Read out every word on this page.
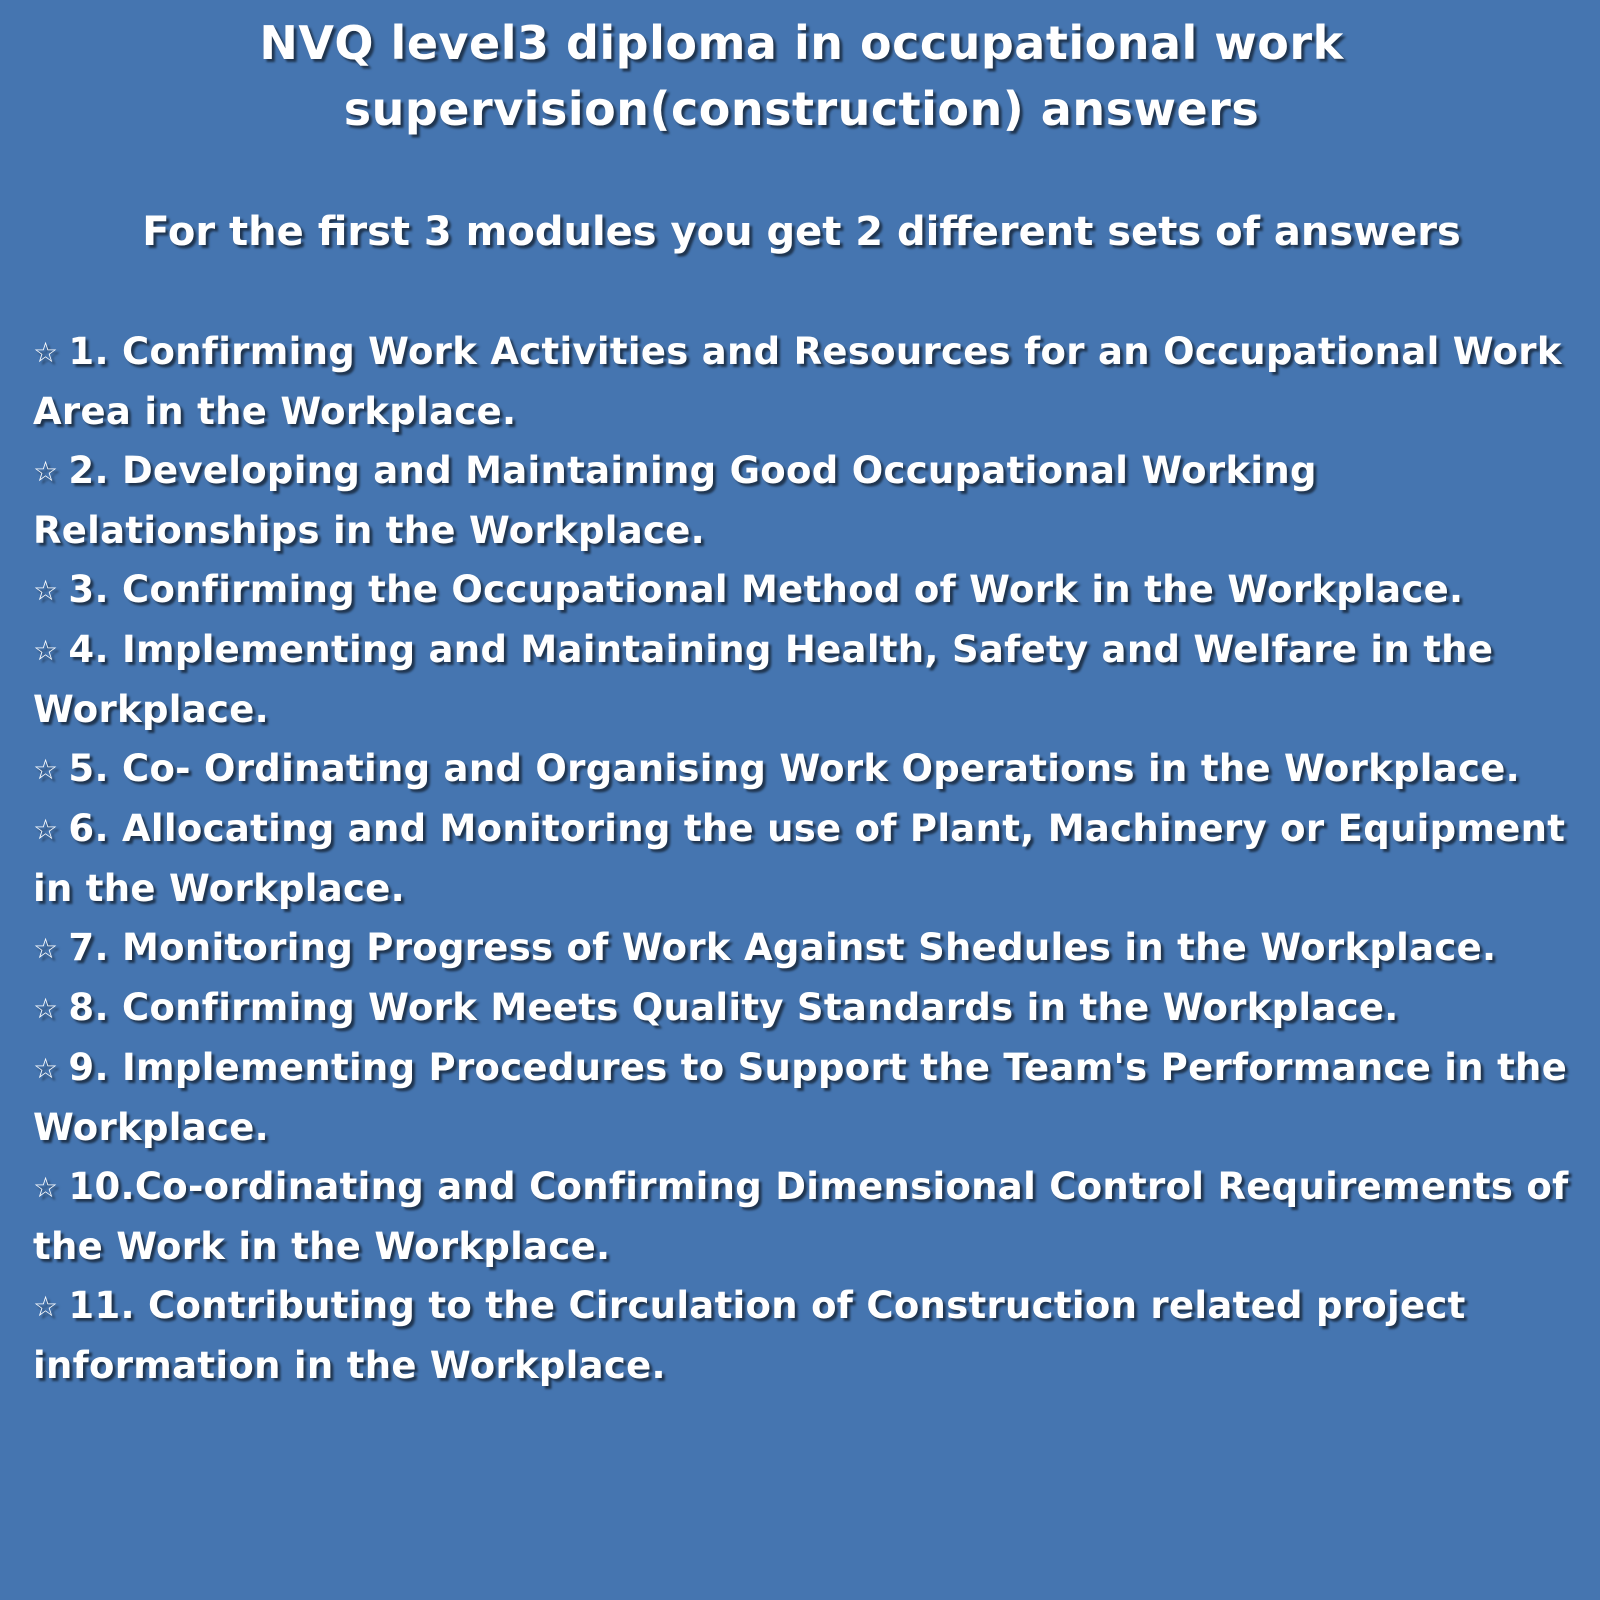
NVQ level3 diploma in occupational work
supervision(construction) answers

For the first 3 modules you get 2 different sets of answers

☆ 1. Confirming Work Activities and Resources for an Occupational Work Area in the Workplace.
☆ 2. Developing and Maintaining Good Occupational Working Relationships in the Workplace.
☆ 3. Confirming the Occupational Method of Work in the Workplace.
☆ 4. Implementing and Maintaining Health, Safety and Welfare in the Workplace.
☆ 5. Co- Ordinating and Organising Work Operations in the Workplace.
☆ 6. Allocating and Monitoring the use of Plant, Machinery or Equipment in the Workplace.
☆ 7. Monitoring Progress of Work Against Shedules in the Workplace.
☆ 8. Confirming Work Meets Quality Standards in the Workplace.
☆ 9. Implementing Procedures to Support the Team's Performance in the Workplace.
☆ 10.Co-ordinating and Confirming Dimensional Control Requirements of the Work in the Workplace.
☆ 11. Contributing to the Circulation of Construction related project information in the Workplace.
